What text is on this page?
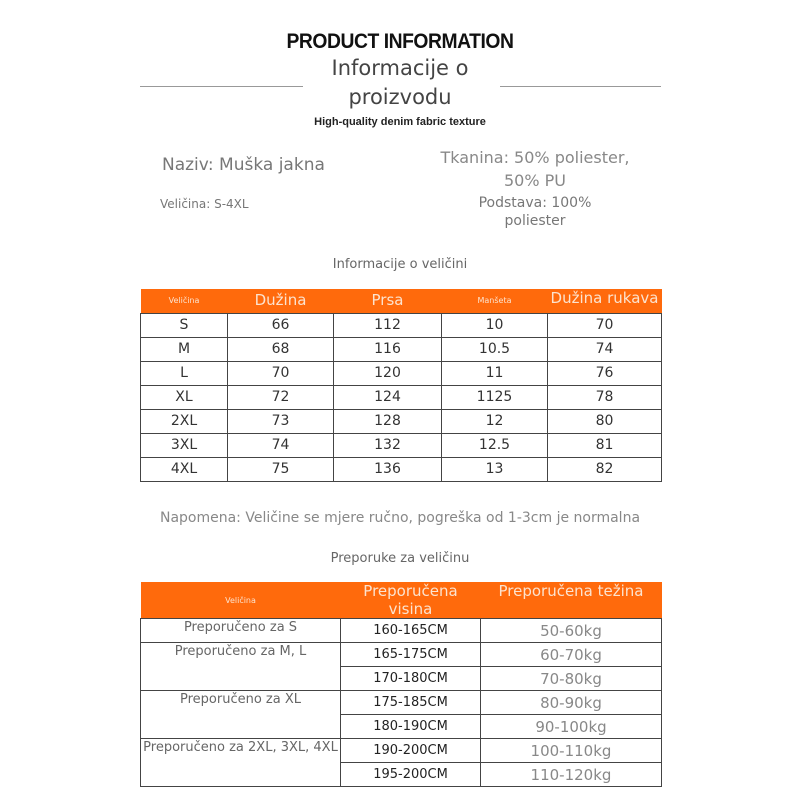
PRODUCT INFORMATION
Informacije o proizvodu
High-quality denim fabric texture
Naziv: Muška jakna
Veličina: S-4XL
Tkanina: 50% poliester, 50% PU
Podstava: 100% poliester
Informacije o veličini
Veličina	Dužina	Prsa	Manšeta	Dužina rukava
S	66	112	10	70
M	68	116	10.5	74
L	70	120	11	76
XL	72	124	1125	78
2XL	73	128	12	80
3XL	74	132	12.5	81
4XL	75	136	13	82
Napomena: Veličine se mjere ručno, pogreška od 1-3cm je normalna
Preporuke za veličinu
Veličina	Preporučena visina	Preporučena težina
Preporučeno za S	160-165CM	50-60kg
Preporučeno za M, L	165-175CM	60-70kg
	170-180CM	70-80kg
Preporučeno za XL	175-185CM	80-90kg
	180-190CM	90-100kg
Preporučeno za 2XL, 3XL, 4XL	190-200CM	100-110kg
	195-200CM	110-120kg
